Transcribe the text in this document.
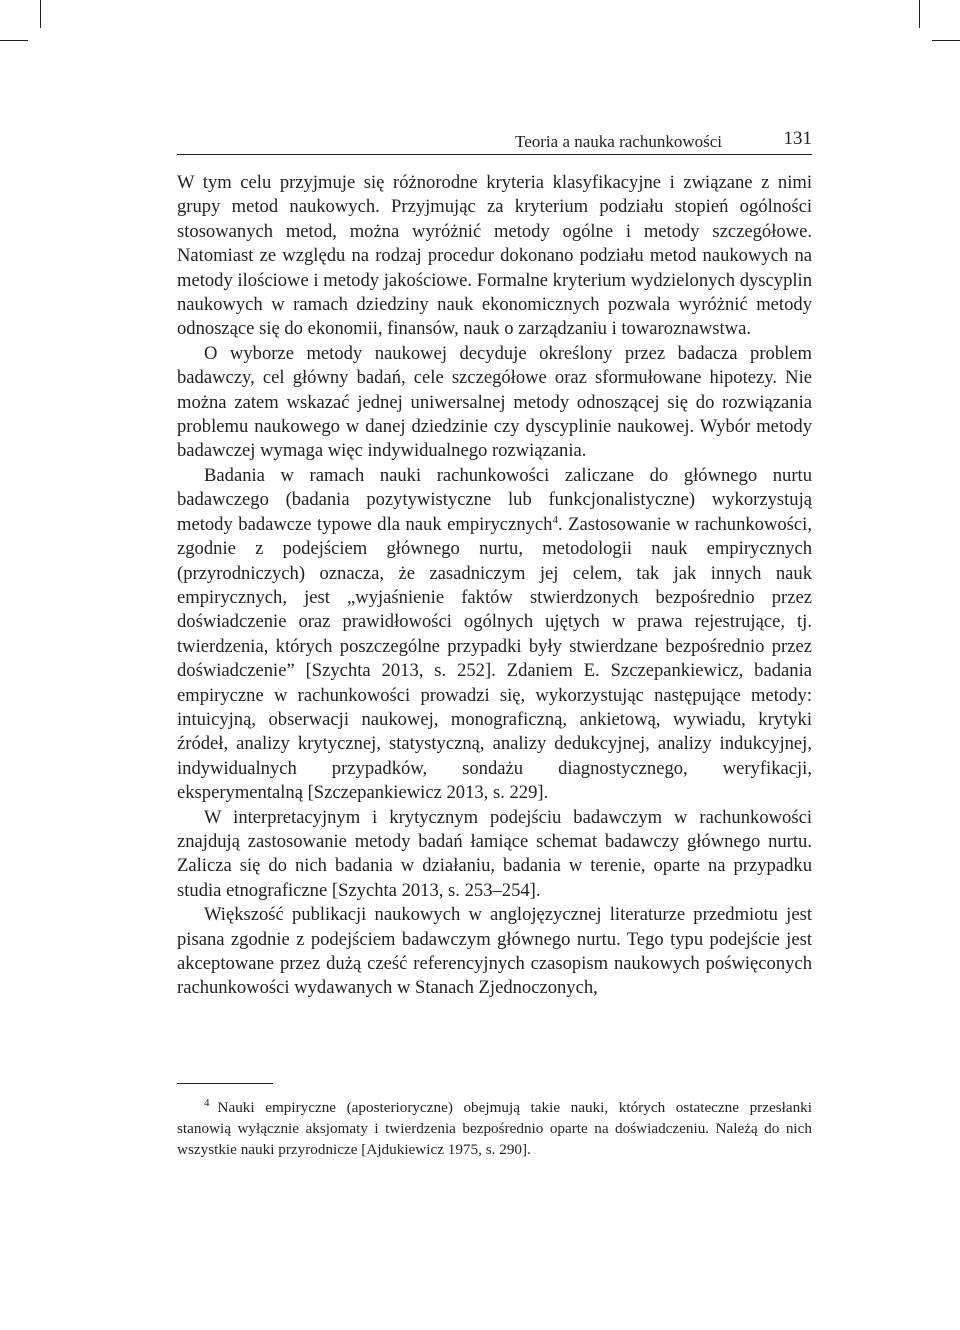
Teoria a nauka rachunkowości	131

W tym celu przyjmuje się różnorodne kryteria klasyfikacyjne i związane z nimi grupy metod naukowych. Przyjmując za kryterium podziału stopień ogólności stosowanych metod, można wyróżnić metody ogólne i metody szczegółowe. Natomiast ze względu na rodzaj procedur dokonano podziału metod naukowych na metody ilościowe i metody jakościowe. Formalne kryterium wydzielonych dyscyplin naukowych w ramach dziedziny nauk ekonomicznych pozwala wyróżnić metody odnoszące się do ekonomii, finansów, nauk o zarządzaniu i towaroznawstwa.

O wyborze metody naukowej decyduje określony przez badacza problem badawczy, cel główny badań, cele szczegółowe oraz sformułowane hipotezy. Nie można zatem wskazać jednej uniwersalnej metody odnoszącej się do rozwiązania problemu naukowego w danej dziedzinie czy dyscyplinie naukowej. Wybór metody badawczej wymaga więc indywidualnego rozwiązania.

Badania w ramach nauki rachunkowości zaliczane do głównego nurtu badawczego (badania pozytywistyczne lub funkcjonalistyczne) wykorzystują metody badawcze typowe dla nauk empirycznych$^4$. Zastosowanie w rachunkowości, zgodnie z podejściem głównego nurtu, metodologii nauk empirycznych (przyrodniczych) oznacza, że zasadniczym jej celem, tak jak innych nauk empirycznych, jest „wyjaśnienie faktów stwierdzonych bezpośrednio przez doświadczenie oraz prawidłowości ogólnych ujętych w prawa rejestrujące, tj. twierdzenia, których poszczególne przypadki były stwierdzane bezpośrednio przez doświadczenie” [Szychta 2013, s. 252]. Zdaniem E. Szczepankiewicz, badania empiryczne w rachunkowości prowadzi się, wykorzystując następujące metody: intuicyjną, obserwacji naukowej, monograficzną, ankietową, wywiadu, krytyki źródeł, analizy krytycznej, statystyczną, analizy dedukcyjnej, analizy indukcyjnej, indywidualnych przypadków, sondażu diagnostycznego, weryfikacji, eksperymentalną [Szczepankiewicz 2013, s. 229].

W interpretacyjnym i krytycznym podejściu badawczym w rachunkowości znajdują zastosowanie metody badań łamiące schemat badawczy głównego nurtu. Zalicza się do nich badania w działaniu, badania w terenie, oparte na przypadku studia etnograficzne [Szychta 2013, s. 253–254].

Większość publikacji naukowych w anglojęzycznej literaturze przedmiotu jest pisana zgodnie z podejściem badawczym głównego nurtu. Tego typu podejście jest akceptowane przez dużą cześć referencyjnych czasopism naukowych poświęconych rachunkowości wydawanych w Stanach Zjednoczonych,

$^4$ Nauki empiryczne (aposterioryczne) obejmują takie nauki, których ostateczne przesłanki stanowią wyłącznie aksjomaty i twierdzenia bezpośrednio oparte na doświadczeniu. Należą do nich wszystkie nauki przyrodnicze [Ajdukiewicz 1975, s. 290].
